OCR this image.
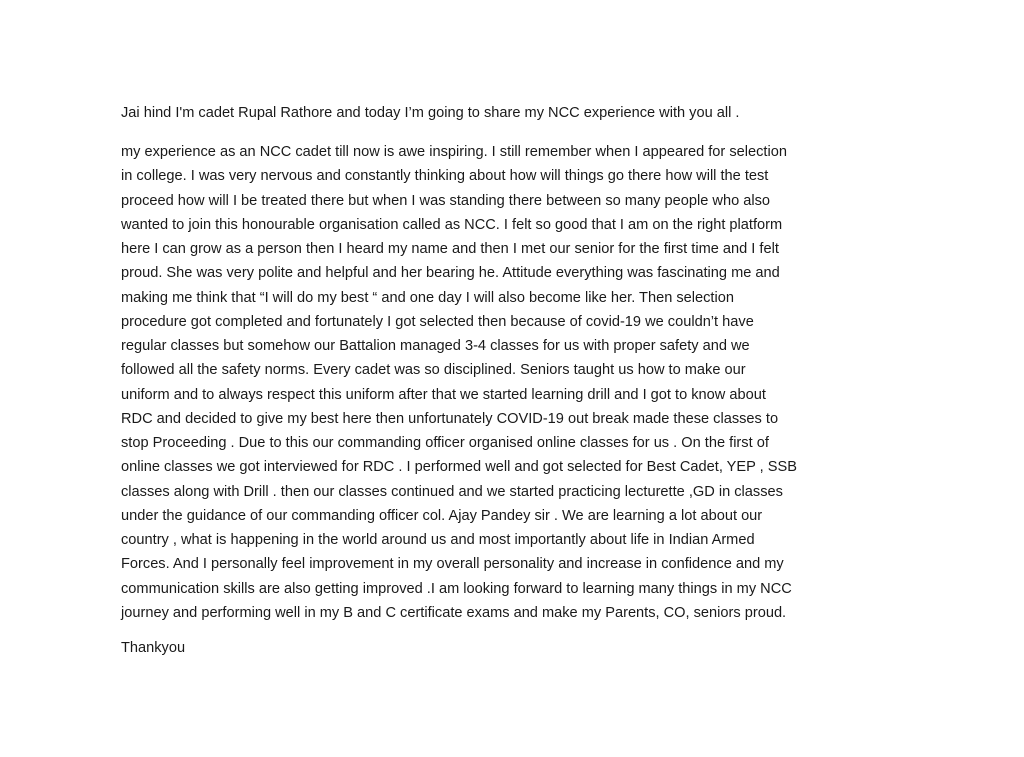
Jai hind I'm cadet Rupal Rathore and today I’m going to share my NCC experience with you all .

my experience as an NCC cadet till now is awe inspiring. I still remember when I appeared for selection
in college. I was very nervous and constantly thinking about how will things go there how will the test
proceed how will I be treated there but when I was standing there between so many people who also
wanted to join this honourable organisation called as NCC. I felt so good that I am on the right platform
here I can grow as a person then I heard my name and then I met our senior for the first time and I felt
proud. She was very polite and helpful and her bearing he. Attitude everything was fascinating me and
making me think that “I will do my best “ and one day I will also become like her. Then selection
procedure got completed and fortunately I got selected then because of covid-19 we couldn’t have
regular classes but somehow our Battalion managed 3-4 classes for us with proper safety and we
followed all the safety norms. Every cadet was so disciplined. Seniors taught us how to make our
uniform and to always respect this uniform after that we started learning drill and I got to know about
RDC and decided to give my best here then unfortunately COVID-19 out break made these classes to
stop Proceeding . Due to this our commanding officer organised online classes for us . On the first of
online classes we got interviewed for RDC . I performed well and got selected for Best Cadet, YEP , SSB
classes along with Drill . then our classes continued and we started practicing lecturette ,GD in classes
under the guidance of our commanding officer col. Ajay Pandey sir . We are learning a lot about our
country , what is happening in the world around us and most importantly about life in Indian Armed
Forces. And I personally feel improvement in my overall personality and increase in confidence and my
communication skills are also getting improved .I am looking forward to learning many things in my NCC
journey and performing well in my B and C certificate exams and make my Parents, CO, seniors proud.

Thankyou
